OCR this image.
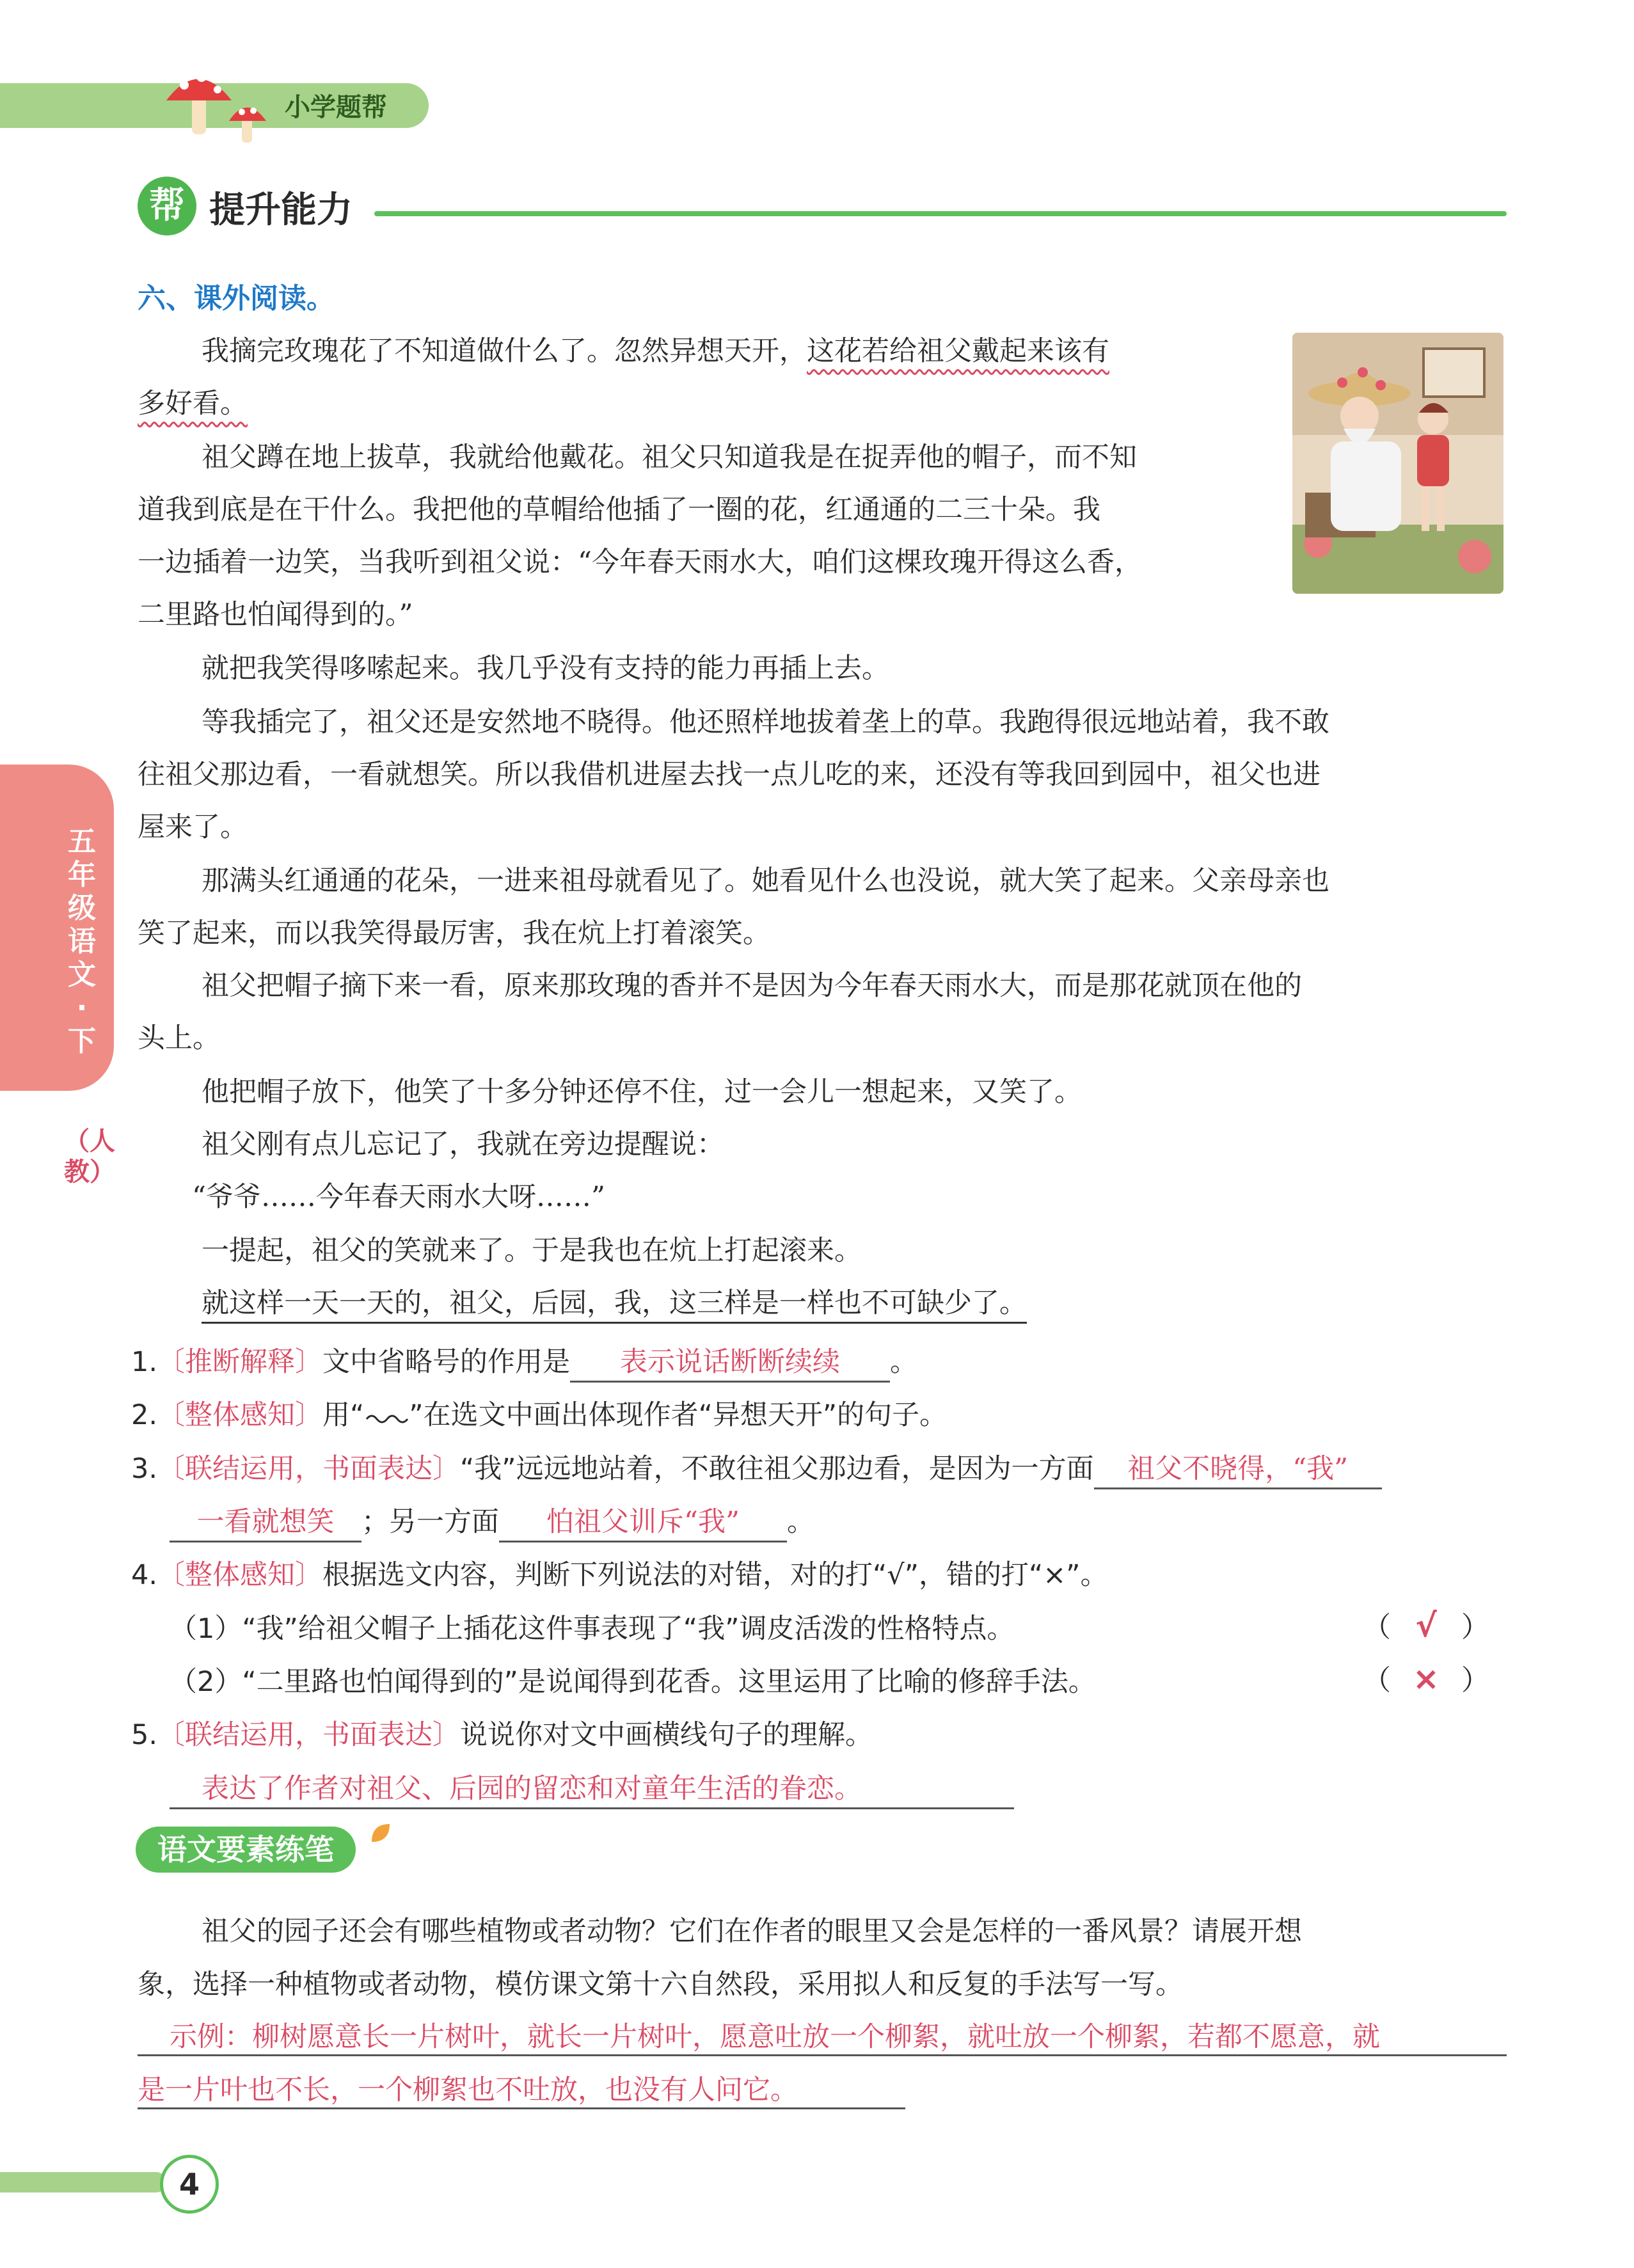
小学题帮
帮 提升能力
六、课外阅读。
五年级语文·下
（人教）
我摘完玫瑰花了不知道做什么了。忽然异想天开，这花若给祖父戴起来该有
多好看。
祖父蹲在地上拔草，我就给他戴花。祖父只知道我是在捉弄他的帽子，而不知
道我到底是在干什么。我把他的草帽给他插了一圈的花，红通通的二三十朵。我
一边插着一边笑，当我听到祖父说：“今年春天雨水大，咱们这棵玫瑰开得这么香，
二里路也怕闻得到的。”
就把我笑得哆嗦起来。我几乎没有支持的能力再插上去。
等我插完了，祖父还是安然地不晓得。他还照样地拔着垄上的草。我跑得很远地站着，我不敢
往祖父那边看，一看就想笑。所以我借机进屋去找一点儿吃的来，还没有等我回到园中，祖父也进
屋来了。
那满头红通通的花朵，一进来祖母就看见了。她看见什么也没说，就大笑了起来。父亲母亲也
笑了起来，而以我笑得最厉害，我在炕上打着滚笑。
祖父把帽子摘下来一看，原来那玫瑰的香并不是因为今年春天雨水大，而是那花就顶在他的
头上。
他把帽子放下，他笑了十多分钟还停不住，过一会儿一想起来，又笑了。
祖父刚有点儿忘记了，我就在旁边提醒说：
“爷爷……今年春天雨水大呀……”
一提起，祖父的笑就来了。于是我也在炕上打起滚来。
就这样一天一天的，祖父，后园，我，这三样是一样也不可缺少了。
1.〔推断解释〕文中省略号的作用是 表示说话断断续续 。
2.〔整体感知〕用“ ”在选文中画出体现作者“异想天开”的句子。
3.〔联结运用，书面表达〕“我”远远地站着，不敢往祖父那边看，是因为一方面 祖父不晓得，“我”
一看就想笑 ；另一方面 怕祖父训斥“我” 。
4.〔整体感知〕根据选文内容，判断下列说法的对错，对的打“√”，错的打“×”。
（1）“我”给祖父帽子上插花这件事表现了“我”调皮活泼的性格特点。	（ √ ）
（2）“二里路也怕闻得到的”是说闻得到花香。这里运用了比喻的修辞手法。	（ × ）
5.〔联结运用，书面表达〕说说你对文中画横线句子的理解。
表达了作者对祖父、后园的留恋和对童年生活的眷恋。
语文要素练笔
祖父的园子还会有哪些植物或者动物？它们在作者的眼里又会是怎样的一番风景？请展开想
象，选择一种植物或者动物，模仿课文第十六自然段，采用拟人和反复的手法写一写。
示例：柳树愿意长一片树叶，就长一片树叶，愿意吐放一个柳絮，就吐放一个柳絮，若都不愿意，就
是一片叶也不长，一个柳絮也不吐放，也没有人问它。
4
